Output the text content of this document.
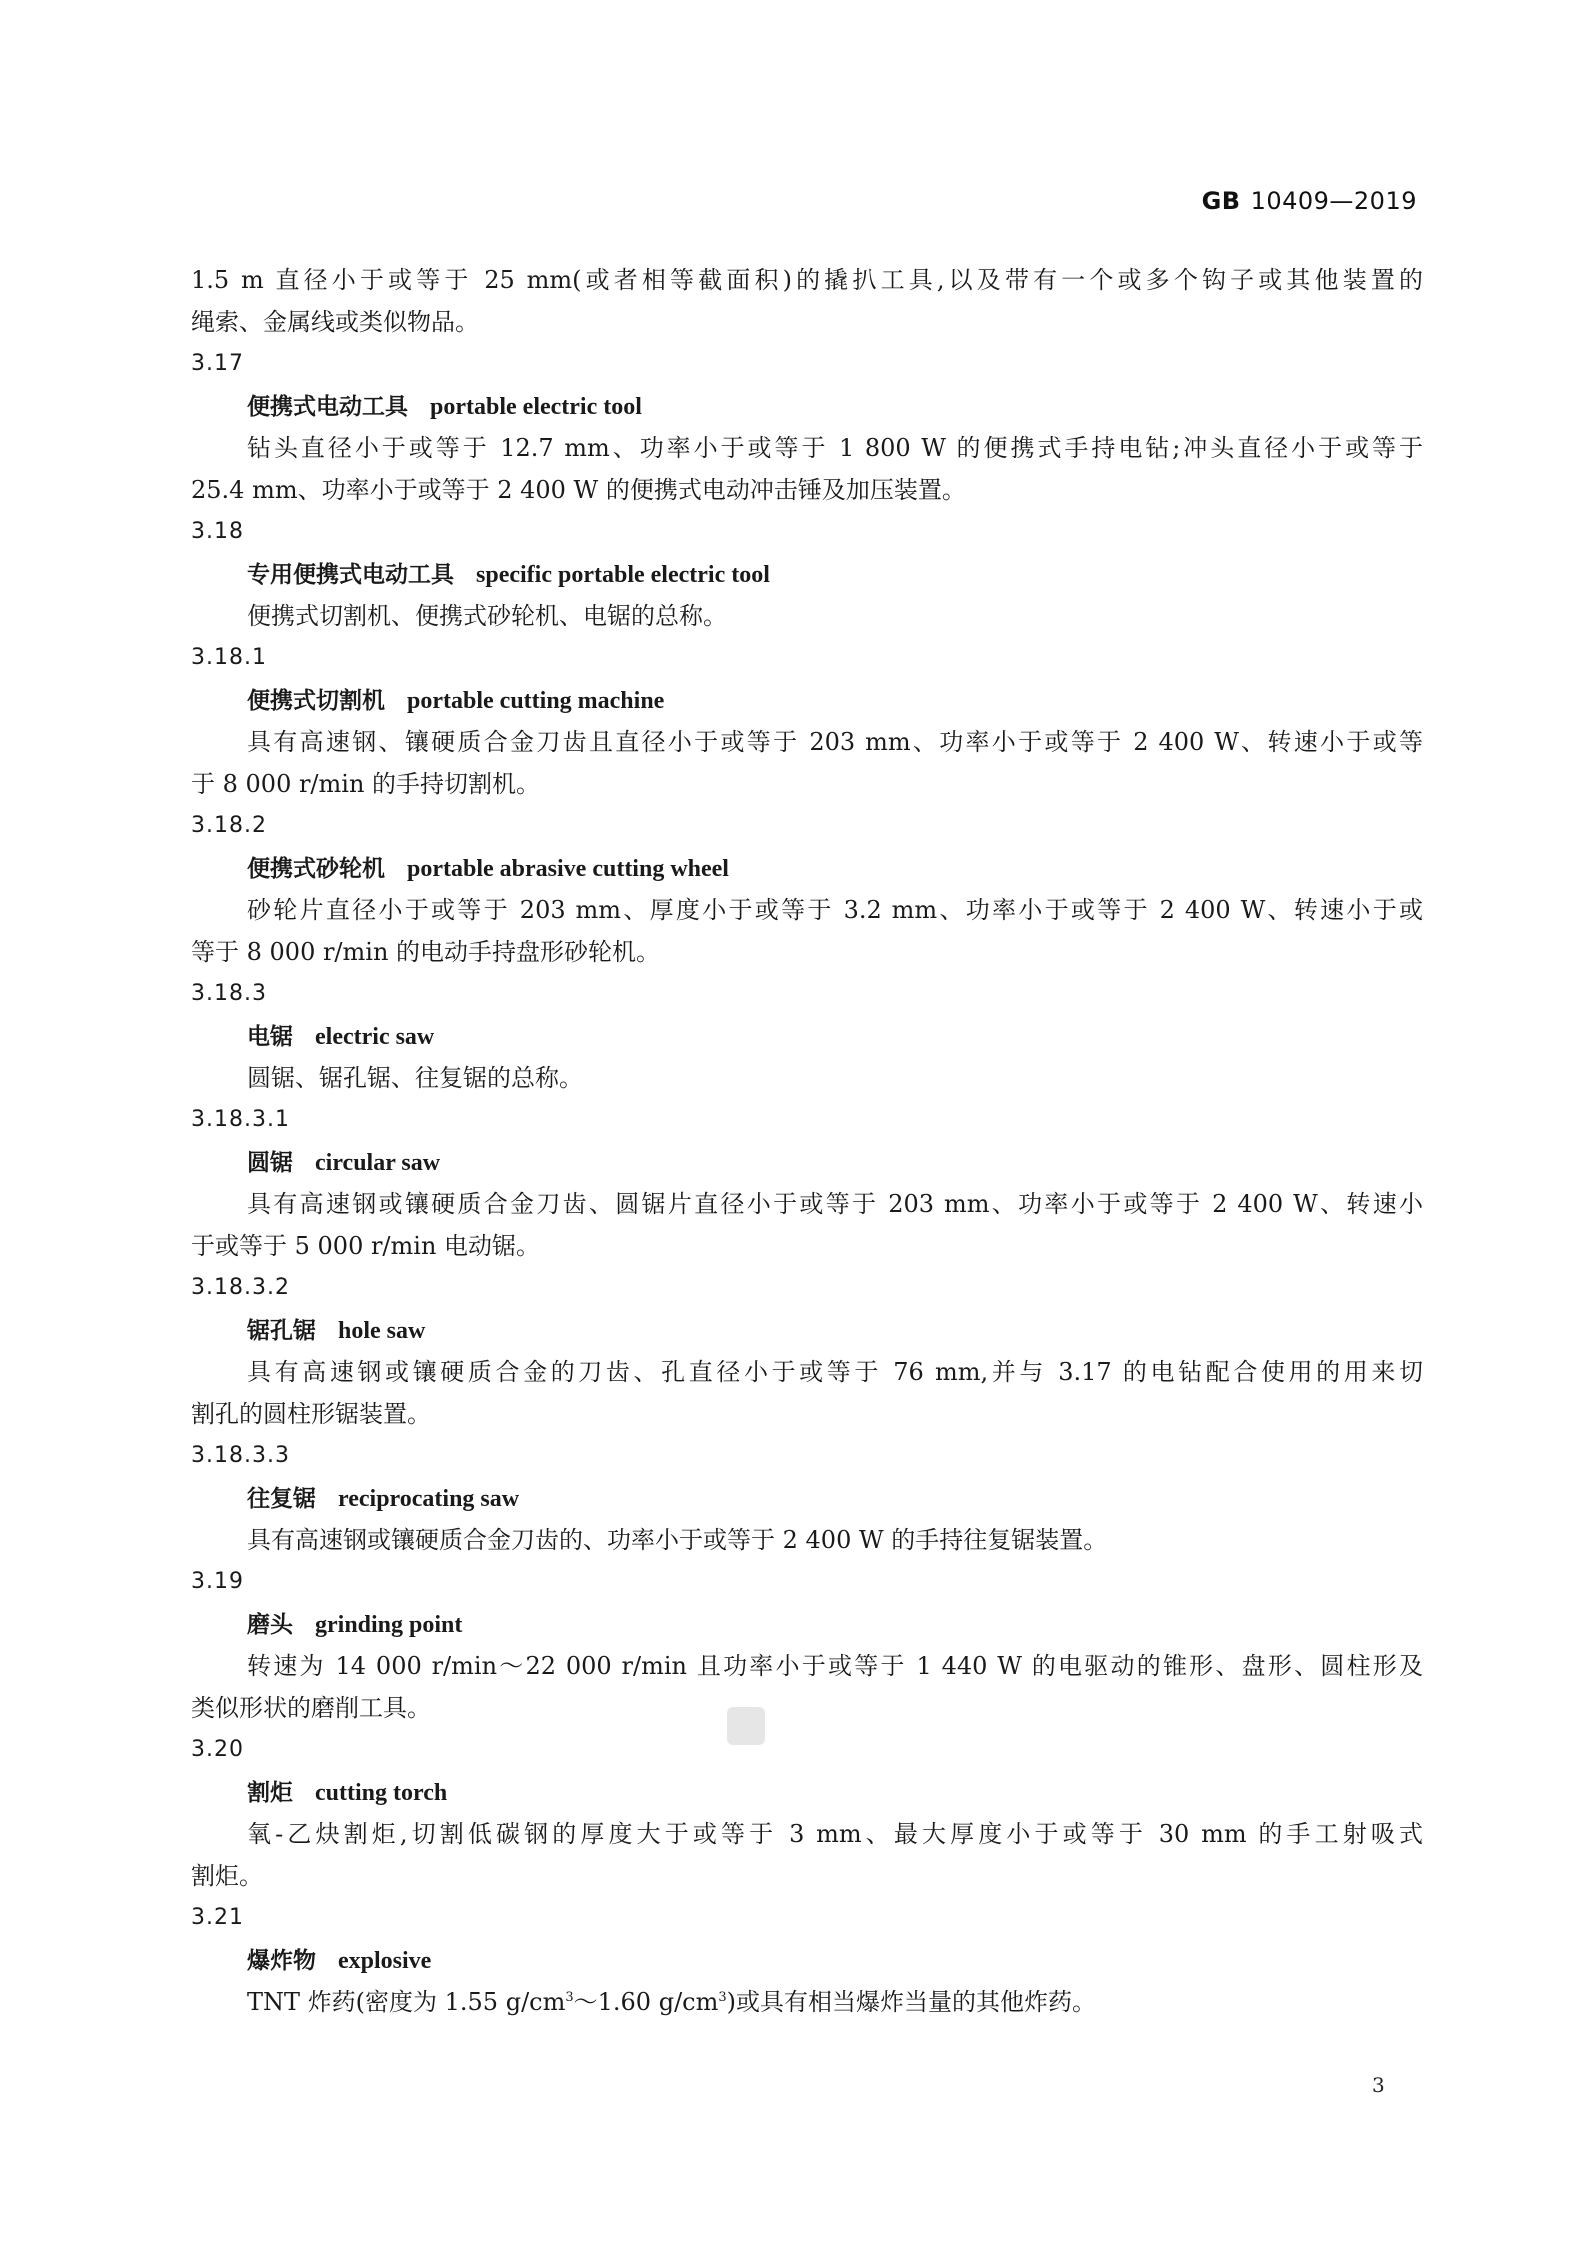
GB 10409—2019
1.5 m 直径小于或等于 25 mm(或者相等截面积)的撬扒工具,以及带有一个或多个钩子或其他装置的
绳索、金属线或类似物品。
3.17
便携式电动工具 portable electric tool
钻头直径小于或等于 12.7 mm、功率小于或等于 1 800 W 的便携式手持电钻;冲头直径小于或等于
25.4 mm、功率小于或等于 2 400 W 的便携式电动冲击锤及加压装置。
3.18
专用便携式电动工具 specific portable electric tool
便携式切割机、便携式砂轮机、电锯的总称。
3.18.1
便携式切割机 portable cutting machine
具有高速钢、镶硬质合金刀齿且直径小于或等于 203 mm、功率小于或等于 2 400 W、转速小于或等
于 8 000 r/min 的手持切割机。
3.18.2
便携式砂轮机 portable abrasive cutting wheel
砂轮片直径小于或等于 203 mm、厚度小于或等于 3.2 mm、功率小于或等于 2 400 W、转速小于或
等于 8 000 r/min 的电动手持盘形砂轮机。
3.18.3
电锯 electric saw
圆锯、锯孔锯、往复锯的总称。
3.18.3.1
圆锯 circular saw
具有高速钢或镶硬质合金刀齿、圆锯片直径小于或等于 203 mm、功率小于或等于 2 400 W、转速小
于或等于 5 000 r/min 电动锯。
3.18.3.2
锯孔锯 hole saw
具有高速钢或镶硬质合金的刀齿、孔直径小于或等于 76 mm,并与 3.17 的电钻配合使用的用来切
割孔的圆柱形锯装置。
3.18.3.3
往复锯 reciprocating saw
具有高速钢或镶硬质合金刀齿的、功率小于或等于 2 400 W 的手持往复锯装置。
3.19
磨头 grinding point
转速为 14 000 r/min～22 000 r/min 且功率小于或等于 1 440 W 的电驱动的锥形、盘形、圆柱形及
类似形状的磨削工具。
3.20
割炬 cutting torch
氧-乙炔割炬,切割低碳钢的厚度大于或等于 3 mm、最大厚度小于或等于 30 mm 的手工射吸式
割炬。
3.21
爆炸物 explosive
TNT 炸药(密度为 1.55 $g/cm^3\sim 1.60$ $g/cm^3$)或具有相当爆炸当量的其他炸药。
3
